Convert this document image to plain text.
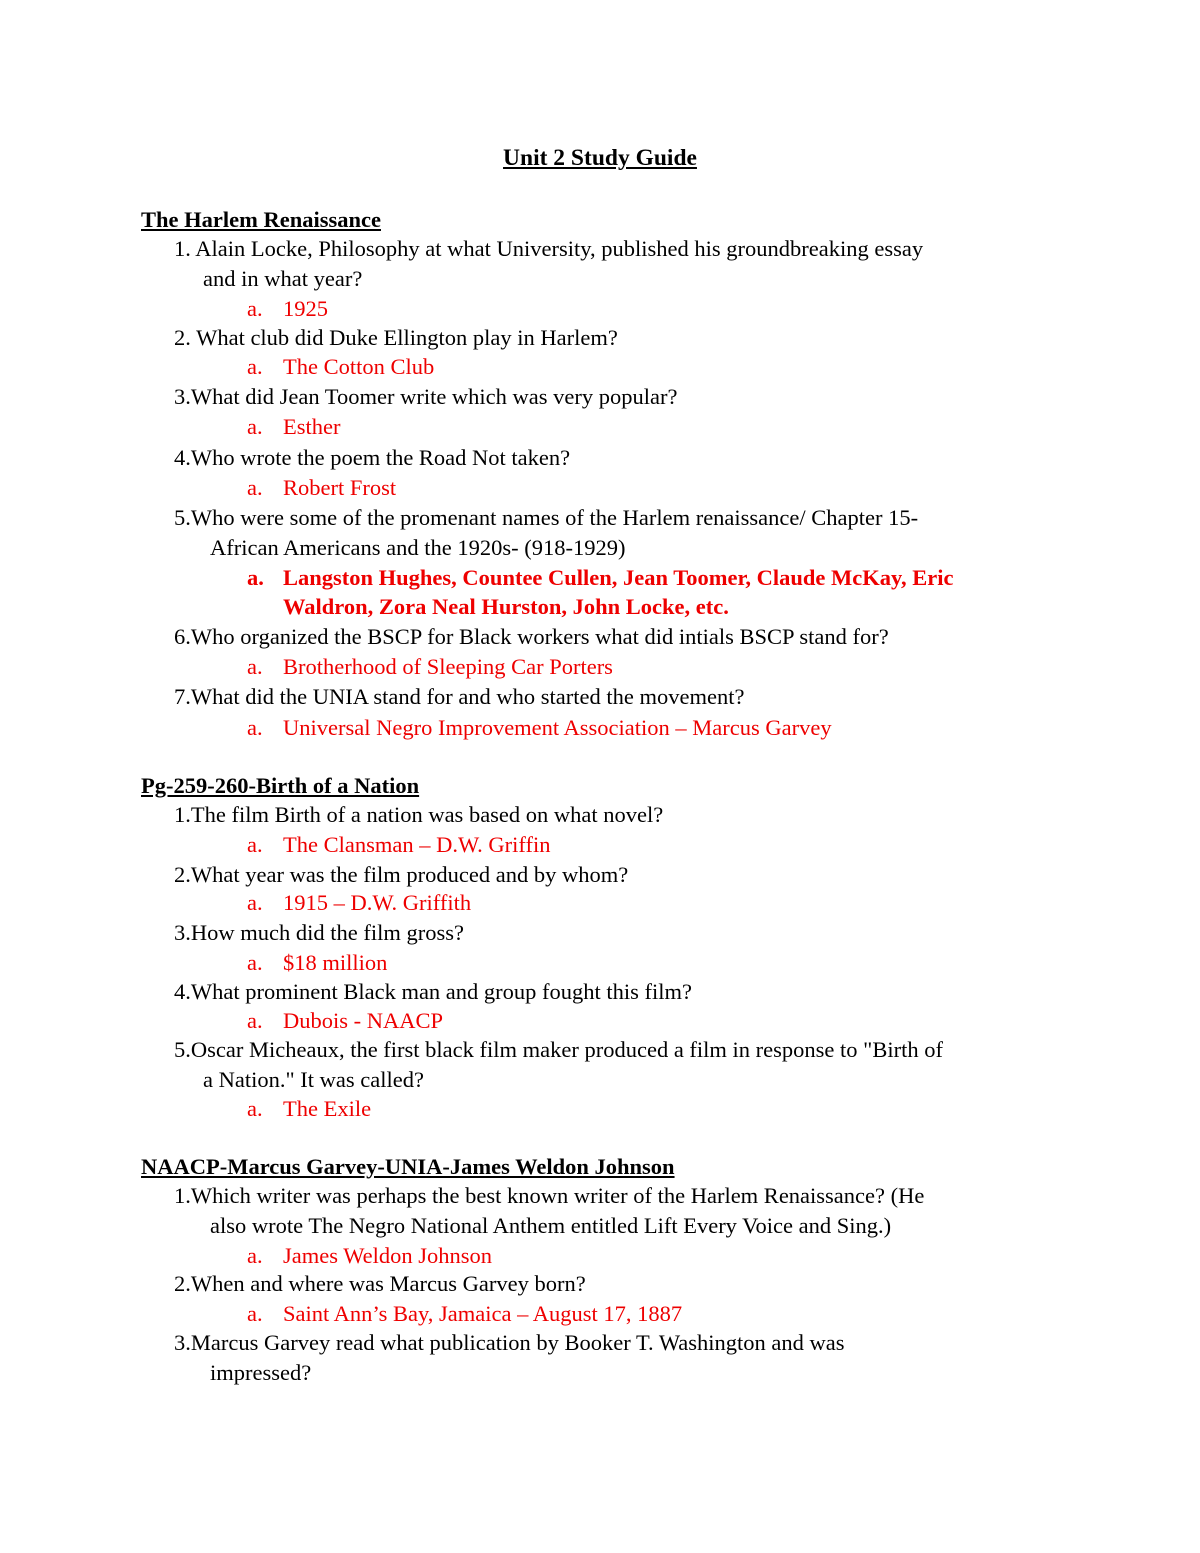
Unit 2 Study Guide
The Harlem Renaissance
1. Alain Locke, Philosophy at what University, published his groundbreaking essay
and in what year?
a. 1925
2. What club did Duke Ellington play in Harlem?
a. The Cotton Club
3.What did Jean Toomer write which was very popular?
a. Esther
4.Who wrote the poem the Road Not taken?
a. Robert Frost
5.Who were some of the promenant names of the Harlem renaissance/ Chapter 15-
African Americans and the 1920s- (918-1929)
a. Langston Hughes, Countee Cullen, Jean Toomer, Claude McKay, Eric
Waldron, Zora Neal Hurston, John Locke, etc.
6.Who organized the BSCP for Black workers what did intials BSCP stand for?
a. Brotherhood of Sleeping Car Porters
7.What did the UNIA stand for and who started the movement?
a. Universal Negro Improvement Association – Marcus Garvey
Pg-259-260-Birth of a Nation
1.The film Birth of a nation was based on what novel?
a. The Clansman – D.W. Griffin
2.What year was the film produced and by whom?
a. 1915 – D.W. Griffith
3.How much did the film gross?
a. $18 million
4.What prominent Black man and group fought this film?
a. Dubois - NAACP
5.Oscar Micheaux, the first black film maker produced a film in response to "Birth of
a Nation." It was called?
a. The Exile
NAACP-Marcus Garvey-UNIA-James Weldon Johnson
1.Which writer was perhaps the best known writer of the Harlem Renaissance? (He
also wrote The Negro National Anthem entitled Lift Every Voice and Sing.)
a. James Weldon Johnson
2.When and where was Marcus Garvey born?
a. Saint Ann’s Bay, Jamaica – August 17, 1887
3.Marcus Garvey read what publication by Booker T. Washington and was
impressed?
